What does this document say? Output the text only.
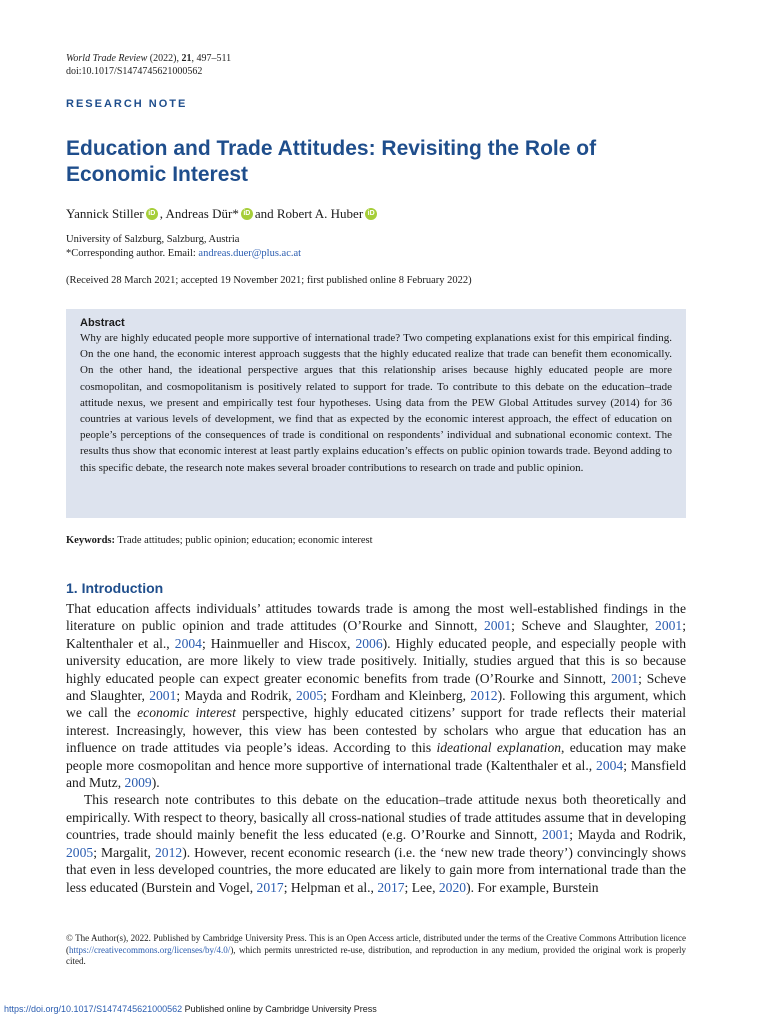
World Trade Review (2022), 21, 497–511
doi:10.1017/S1474745621000562
RESEARCH NOTE
Education and Trade Attitudes: Revisiting the Role of Economic Interest
Yannick Stiller iD , Andreas Dür* iD and Robert A. Huber iD
University of Salzburg, Salzburg, Austria
*Corresponding author. Email: andreas.duer@plus.ac.at
(Received 28 March 2021; accepted 19 November 2021; first published online 8 February 2022)
Abstract
Why are highly educated people more supportive of international trade? Two competing explanations exist for this empirical finding. On the one hand, the economic interest approach suggests that the highly educated realize that trade can benefit them economically. On the other hand, the ideational perspective argues that this relationship arises because highly educated people are more cosmopolitan, and cosmopolitanism is positively related to support for trade. To contribute to this debate on the education–trade attitude nexus, we present and empirically test four hypotheses. Using data from the PEW Global Attitudes survey (2014) for 36 countries at various levels of development, we find that as expected by the economic interest approach, the effect of education on people’s perceptions of the consequences of trade is conditional on respondents’ individual and subnational economic context. The results thus show that economic interest at least partly explains education’s effects on public opinion towards trade. Beyond adding to this specific debate, the research note makes several broader contributions to research on trade and public opinion.
Keywords: Trade attitudes; public opinion; education; economic interest
1. Introduction

That education affects individuals’ attitudes towards trade is among the most well-established findings in the literature on public opinion and trade attitudes (O’Rourke and Sinnott, 2001; Scheve and Slaughter, 2001; Kaltenthaler et al., 2004; Hainmueller and Hiscox, 2006). Highly educated people, and especially people with university education, are more likely to view trade positively. Initially, studies argued that this is so because highly educated people can expect greater economic benefits from trade (O’Rourke and Sinnott, 2001; Scheve and Slaughter, 2001; Mayda and Rodrik, 2005; Fordham and Kleinberg, 2012). Following this argument, which we call the economic interest perspective, highly educated citizens’ support for trade reflects their material interest. Increasingly, however, this view has been contested by scholars who argue that education has an influence on trade attitudes via people’s ideas. According to this ideational explanation, education may make people more cosmopolitan and hence more supportive of international trade (Kaltenthaler et al., 2004; Mansfield and Mutz, 2009).

This research note contributes to this debate on the education–trade attitude nexus both theoretically and empirically. With respect to theory, basically all cross-national studies of trade attitudes assume that in developing countries, trade should mainly benefit the less educated (e.g. O’Rourke and Sinnott, 2001; Mayda and Rodrik, 2005; Margalit, 2012). However, recent economic research (i.e. the ‘new new trade theory’) convincingly shows that even in less developed countries, the more educated are likely to gain more from international trade than the less educated (Burstein and Vogel, 2017; Helpman et al., 2017; Lee, 2020). For example, Burstein

© The Author(s), 2022. Published by Cambridge University Press. This is an Open Access article, distributed under the terms of the Creative Commons Attribution licence (https://creativecommons.org/licenses/by/4.0/), which permits unrestricted re-use, distribution, and reproduction in any medium, provided the original work is properly cited.
https://doi.org/10.1017/S1474745621000562 Published online by Cambridge University Press
